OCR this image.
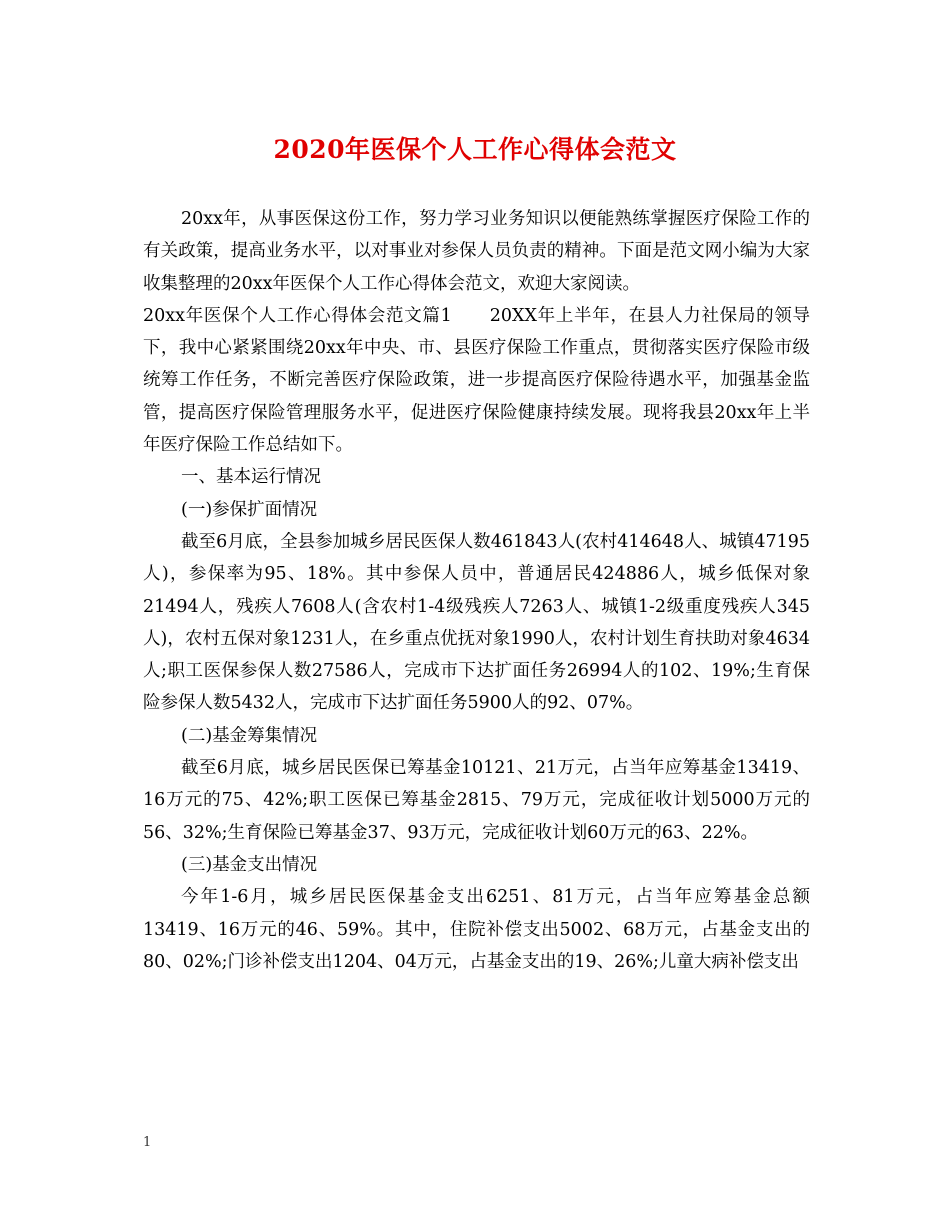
2020年医保个人工作心得体会范文

20xx年，从事医保这份工作，努力学习业务知识以便能熟练掌握医疗保险工作的有关政策，提高业务水平，以对事业对参保人员负责的精神。下面是范文网小编为大家收集整理的20xx年医保个人工作心得体会范文，欢迎大家阅读。

20xx年医保个人工作心得体会范文篇1 20XX年上半年，在县人力社保局的领导下，我中心紧紧围绕20xx年中央、市、县医疗保险工作重点，贯彻落实医疗保险市级统筹工作任务，不断完善医疗保险政策，进一步提高医疗保险待遇水平，加强基金监管，提高医疗保险管理服务水平，促进医疗保险健康持续发展。现将我县20xx年上半年医疗保险工作总结如下。

一、基本运行情况

(一)参保扩面情况

截至6月底，全县参加城乡居民医保人数461843人(农村414648人、城镇47195人)，参保率为95、18%。其中参保人员中，普通居民424886人，城乡低保对象21494人，残疾人7608人(含农村1-4级残疾人7263人、城镇1-2级重度残疾人345人)，农村五保对象1231人，在乡重点优抚对象1990人，农村计划生育扶助对象4634人;职工医保参保人数27586人，完成市下达扩面任务26994人的102、19%;生育保险参保人数5432人，完成市下达扩面任务5900人的92、07%。

(二)基金筹集情况

截至6月底，城乡居民医保已筹基金10121、21万元，占当年应筹基金13419、16万元的75、42%;职工医保已筹基金2815、79万元，完成征收计划5000万元的56、32%;生育保险已筹基金37、93万元，完成征收计划60万元的63、22%。

(三)基金支出情况

今年1-6月，城乡居民医保基金支出6251、81万元，占当年应筹基金总额13419、16万元的46、59%。其中，住院补偿支出5002、68万元，占基金支出的80、02%;门诊补偿支出1204、04万元，占基金支出的19、26%;儿童大病补偿支出

1
